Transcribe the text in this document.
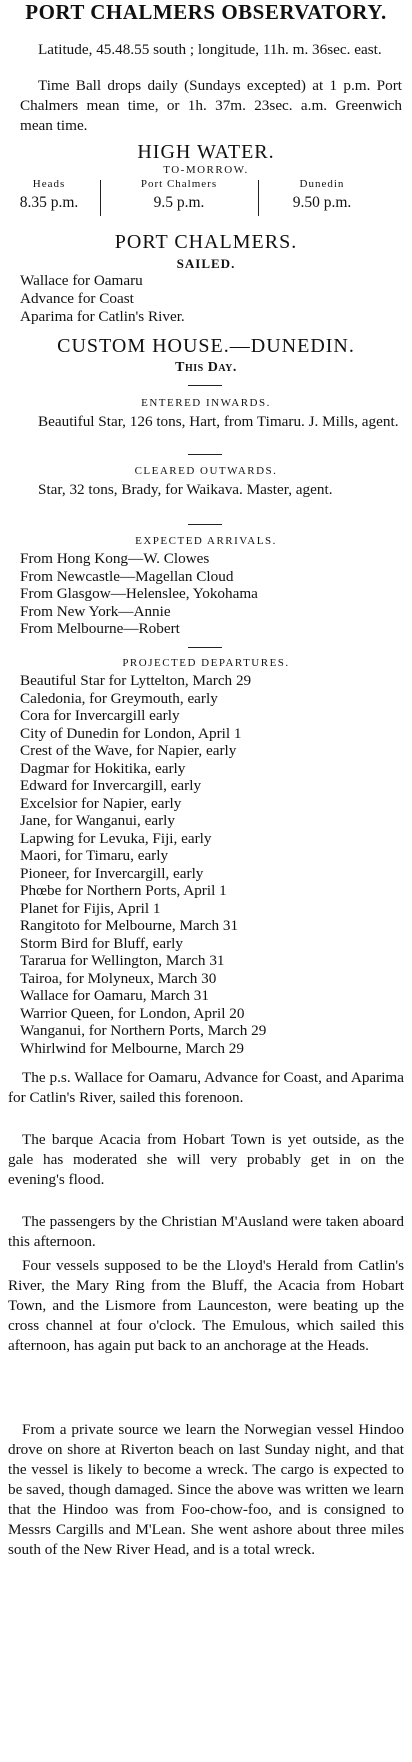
PORT CHALMERS OBSERVATORY.
Latitude, 45.48.55 south ; longitude, 11h. m. 36sec. east.
Time Ball drops daily (Sundays excepted) at 1 p.m. Port Chalmers mean time, or 1h. 37m. 23sec. a.m. Greenwich mean time.
HIGH WATER.
TO-MORROW.
Heads
8.35 p.m.
Port Chalmers
9.5 p.m.
Dunedin
9.50 p.m.
PORT CHALMERS.
SAILED.
Wallace for Oamaru
Advance for Coast
Aparima for Catlin's River.
CUSTOM HOUSE.—DUNEDIN.
This Day.
ENTERED INWARDS.
Beautiful Star, 126 tons, Hart, from Timaru. J. Mills, agent.
CLEARED OUTWARDS.
Star, 32 tons, Brady, for Waikava. Master, agent.
EXPECTED ARRIVALS.
From Hong Kong—W. Clowes
From Newcastle—Magellan Cloud
From Glasgow—Helenslee, Yokohama
From New York—Annie
From Melbourne—Robert
PROJECTED DEPARTURES.
Beautiful Star for Lyttelton, March 29
Caledonia, for Greymouth, early
Cora for Invercargill early
City of Dunedin for London, April 1
Crest of the Wave, for Napier, early
Dagmar for Hokitika, early
Edward for Invercargill, early
Excelsior for Napier, early
Jane, for Wanganui, early
Lapwing for Levuka, Fiji, early
Maori, for Timaru, early
Pioneer, for Invercargill, early
Phœbe for Northern Ports, April 1
Planet for Fijis, April 1
Rangitoto for Melbourne, March 31
Storm Bird for Bluff, early
Tararua for Wellington, March 31
Tairoa, for Molyneux, March 30
Wallace for Oamaru, March 31
Warrior Queen, for London, April 20
Wanganui, for Northern Ports, March 29
Whirlwind for Melbourne, March 29

The p.s. Wallace for Oamaru, Advance for Coast, and Aparima for Catlin's River, sailed this forenoon.

The barque Acacia from Hobart Town is yet outside, as the gale has moderated she will very probably get in on the evening's flood.

The passengers by the Christian M'Ausland were taken aboard this afternoon.

Four vessels supposed to be the Lloyd's Herald from Catlin's River, the Mary Ring from the Bluff, the Acacia from Hobart Town, and the Lismore from Launceston, were beating up the cross channel at four o'clock. The Emulous, which sailed this afternoon, has again put back to an anchorage at the Heads.

From a private source we learn the Norwegian vessel Hindoo drove on shore at Riverton beach on last Sunday night, and that the vessel is likely to become a wreck. The cargo is expected to be saved, though damaged. Since the above was written we learn that the Hindoo was from Foo-chow-foo, and is consigned to Messrs Cargills and M'Lean. She went ashore about three miles south of the New River Head, and is a total wreck.
